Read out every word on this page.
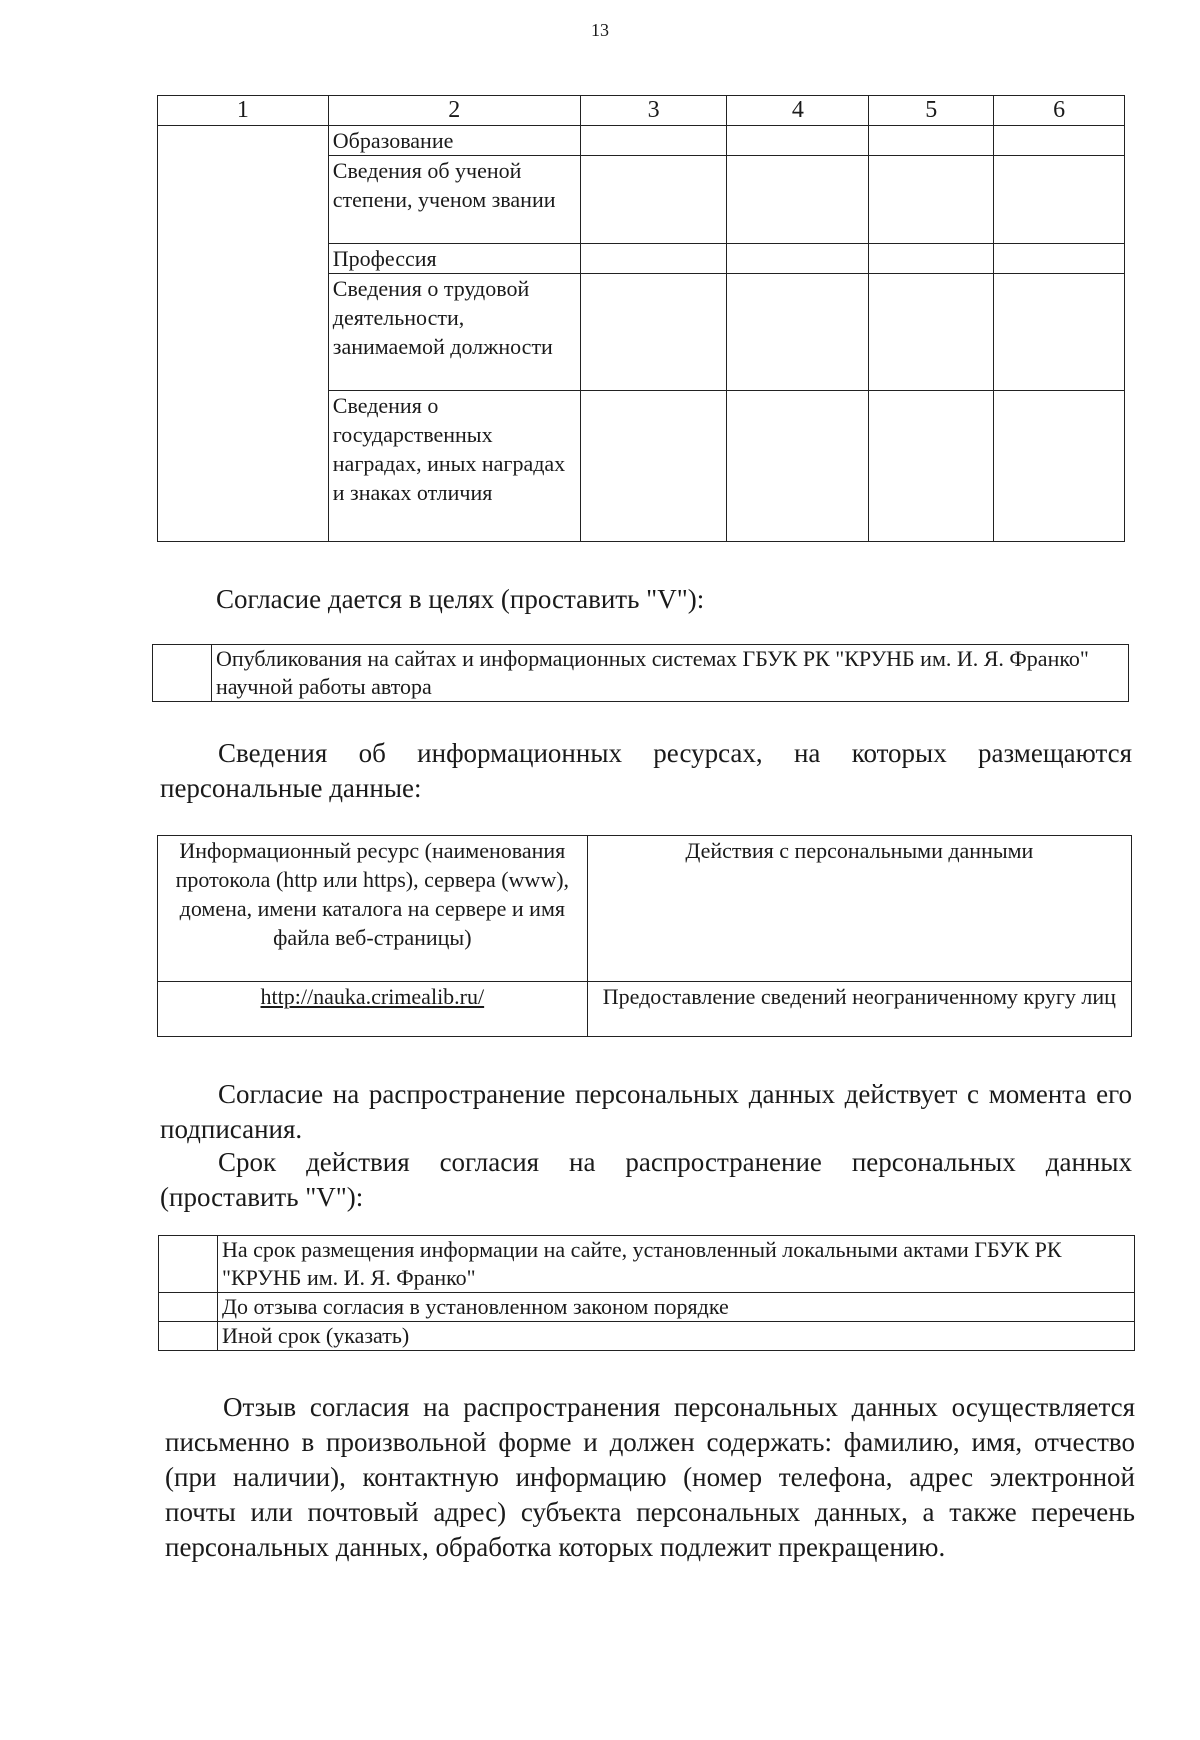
13
1	2	3	4	5	6
	Образование				
	Сведения об ученой степени, ученом звании				
	Профессия				
	Сведения о трудовой деятельности, занимаемой должности				
	Сведения о государственных наградах, иных наградах и знаках отличия				
Согласие дается в целях (проставить "V"):
	Опубликования на сайтах и информационных системах ГБУК РК "КРУНБ им. И. Я. Франко" научной работы автора
Сведения об информационных ресурсах, на которых размещаются персональные данные:
Информационный ресурс (наименования протокола (http или https), сервера (www), домена, имени каталога на сервере и имя файла веб-страницы)	Действия с персональными данными
http://nauka.crimealib.ru/	Предоставление сведений неограниченному кругу лиц
Согласие на распространение персональных данных действует с момента его подписания.
Срок действия согласия на распространение персональных данных (проставить "V"):
	На срок размещения информации на сайте, установленный локальными актами ГБУК РК "КРУНБ им. И. Я. Франко"
	До отзыва согласия в установленном законом порядке
	Иной срок (указать)
Отзыв согласия на распространения персональных данных осуществляется письменно в произвольной форме и должен содержать: фамилию, имя, отчество (при наличии), контактную информацию (номер телефона, адрес электронной почты или почтовый адрес) субъекта персональных данных, а также перечень персональных данных, обработка которых подлежит прекращению.
